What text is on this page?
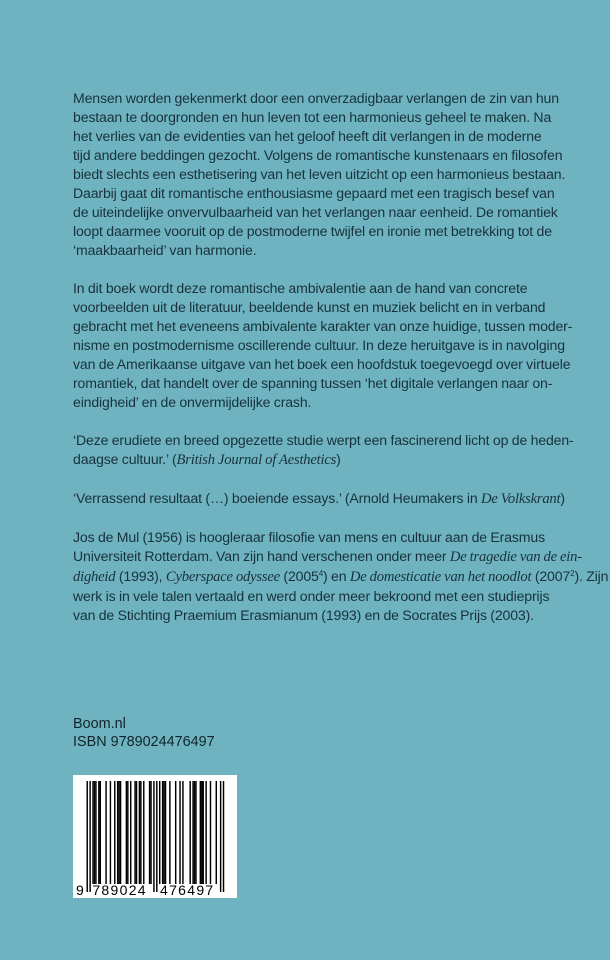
Mensen worden gekenmerkt door een onverzadigbaar verlangen de zin van hun
bestaan te doorgronden en hun leven tot een harmonieus geheel te maken. Na
het verlies van de evidenties van het geloof heeft dit verlangen in de moderne
tijd andere beddingen gezocht. Volgens de romantische kunstenaars en filosofen
biedt slechts een esthetisering van het leven uitzicht op een harmonieus bestaan.
Daarbij gaat dit romantische enthousiasme gepaard met een tragisch besef van
de uiteindelijke onvervulbaarheid van het verlangen naar eenheid. De romantiek
loopt daarmee vooruit op de postmoderne twijfel en ironie met betrekking tot de
‘maakbaarheid’ van harmonie.

In dit boek wordt deze romantische ambivalentie aan de hand van concrete
voorbeelden uit de literatuur, beeldende kunst en muziek belicht en in verband
gebracht met het eveneens ambivalente karakter van onze huidige, tussen moder-
nisme en postmodernisme oscillerende cultuur. In deze heruitgave is in navolging
van de Amerikaanse uitgave van het boek een hoofdstuk toegevoegd over virtuele
romantiek, dat handelt over de spanning tussen ‘het digitale verlangen naar on-
eindigheid’ en de onvermijdelijke crash.

‘Deze erudiete en breed opgezette studie werpt een fascinerend licht op de heden-
daagse cultuur.’ (British Journal of Aesthetics)

‘Verrassend resultaat (…) boeiende essays.’ (Arnold Heumakers in De Volkskrant)

Jos de Mul (1956) is hoogleraar filosofie van mens en cultuur aan de Erasmus
Universiteit Rotterdam. Van zijn hand verschenen onder meer De tragedie van de ein-
digheid (1993), Cyberspace odyssee (2005$^4$) en De domesticatie van het noodlot (2007$^2$). Zijn
werk is in vele talen vertaald en werd onder meer bekroond met een studieprijs
van de Stichting Praemium Erasmianum (1993) en de Socrates Prijs (2003).

Boom.nl
ISBN 9789024476497
9 789024 476497
